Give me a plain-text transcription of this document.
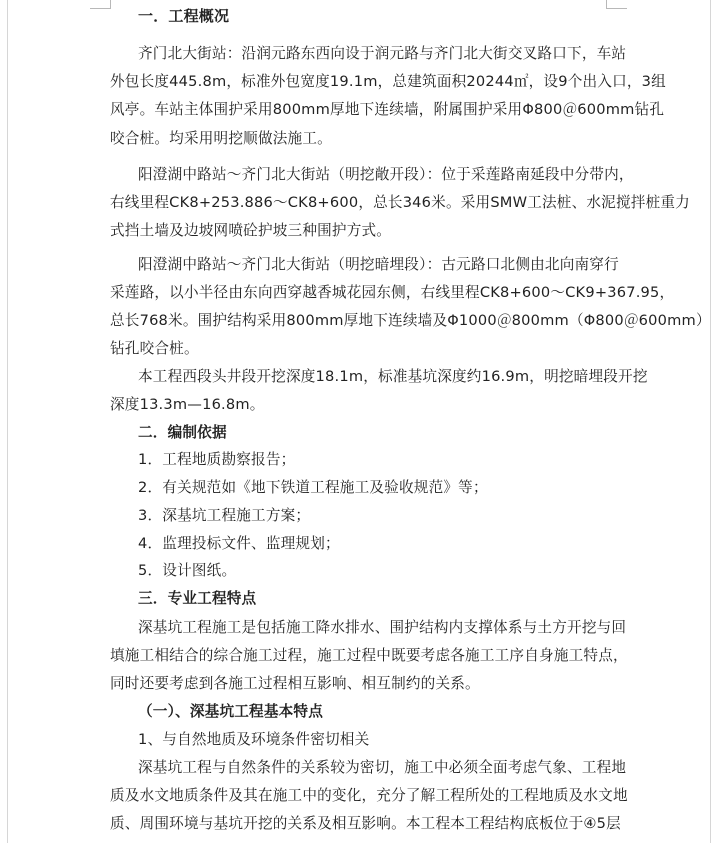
一．工程概况
齐门北大街站：沿润元路东西向设于润元路与齐门北大街交叉路口下，车站
外包长度445.8m，标准外包宽度19.1m，总建筑面积20244㎡，设9个出入口，3组
风亭。车站主体围护采用800mm厚地下连续墙，附属围护采用Φ800＠600mm钻孔
咬合桩。均采用明挖顺做法施工。
阳澄湖中路站～齐门北大街站（明挖敞开段）：位于采莲路南延段中分带内，
右线里程CK8+253.886～CK8+600，总长346米。采用SMW工法桩、水泥搅拌桩重力
式挡土墙及边坡网喷砼护坡三种围护方式。
阳澄湖中路站～齐门北大街站（明挖暗埋段）：古元路口北侧由北向南穿行
采莲路，以小半径由东向西穿越香城花园东侧，右线里程CK8+600～CK9+367.95，
总长768米。围护结构采用800mm厚地下连续墙及Φ1000＠800mm（Φ800＠600mm）
钻孔咬合桩。
本工程西段头井段开挖深度18.1m，标准基坑深度约16.9m，明挖暗埋段开挖
深度13.3m—16.8m。
二．编制依据
1．工程地质勘察报告；
2．有关规范如《地下铁道工程施工及验收规范》等；
3．深基坑工程施工方案；
4．监理投标文件、监理规划；
5．设计图纸。
三．专业工程特点
深基坑工程施工是包括施工降水排水、围护结构内支撑体系与土方开挖与回
填施工相结合的综合施工过程，施工过程中既要考虑各施工工序自身施工特点，
同时还要考虑到各施工过程相互影响、相互制约的关系。
（一）、深基坑工程基本特点
1、与自然地质及环境条件密切相关
深基坑工程与自然条件的关系较为密切，施工中必须全面考虑气象、工程地
质及水文地质条件及其在施工中的变化，充分了解工程所处的工程地质及水文地
质、周围环境与基坑开挖的关系及相互影响。本工程本工程结构底板位于④5层
